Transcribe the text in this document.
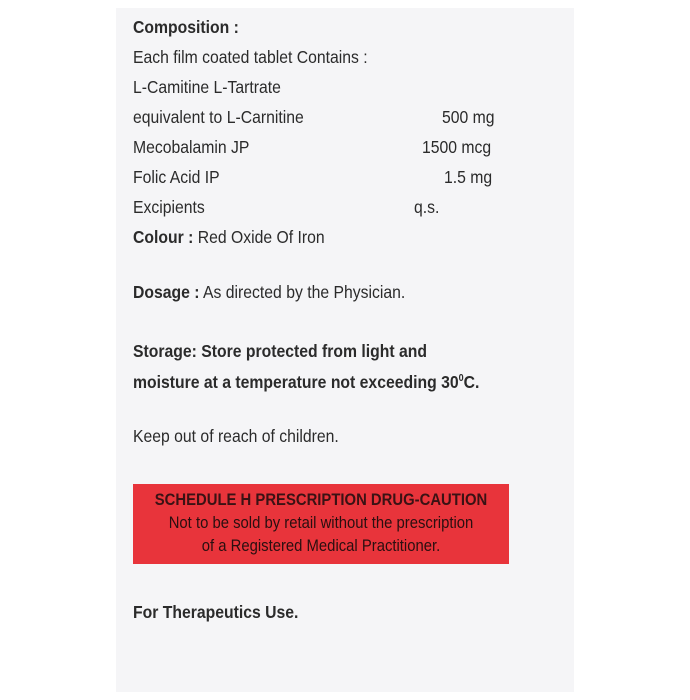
Composition :
Each film coated tablet Contains :
L-Camitine L-Tartrate
equivalent to L-Carnitine	500 mg
Mecobalamin JP	1500 mcg
Folic Acid IP	1.5 mg
Excipients	q.s.
Colour : Red Oxide Of Iron
Dosage : As directed by the Physician.
Storage: Store protected from light and
moisture at a temperature not exceeding $30^0C$.
Keep out of reach of children.
SCHEDULE H PRESCRIPTION DRUG-CAUTION
Not to be sold by retail without the prescription
of a Registered Medical Practitioner.
For Therapeutics Use.
